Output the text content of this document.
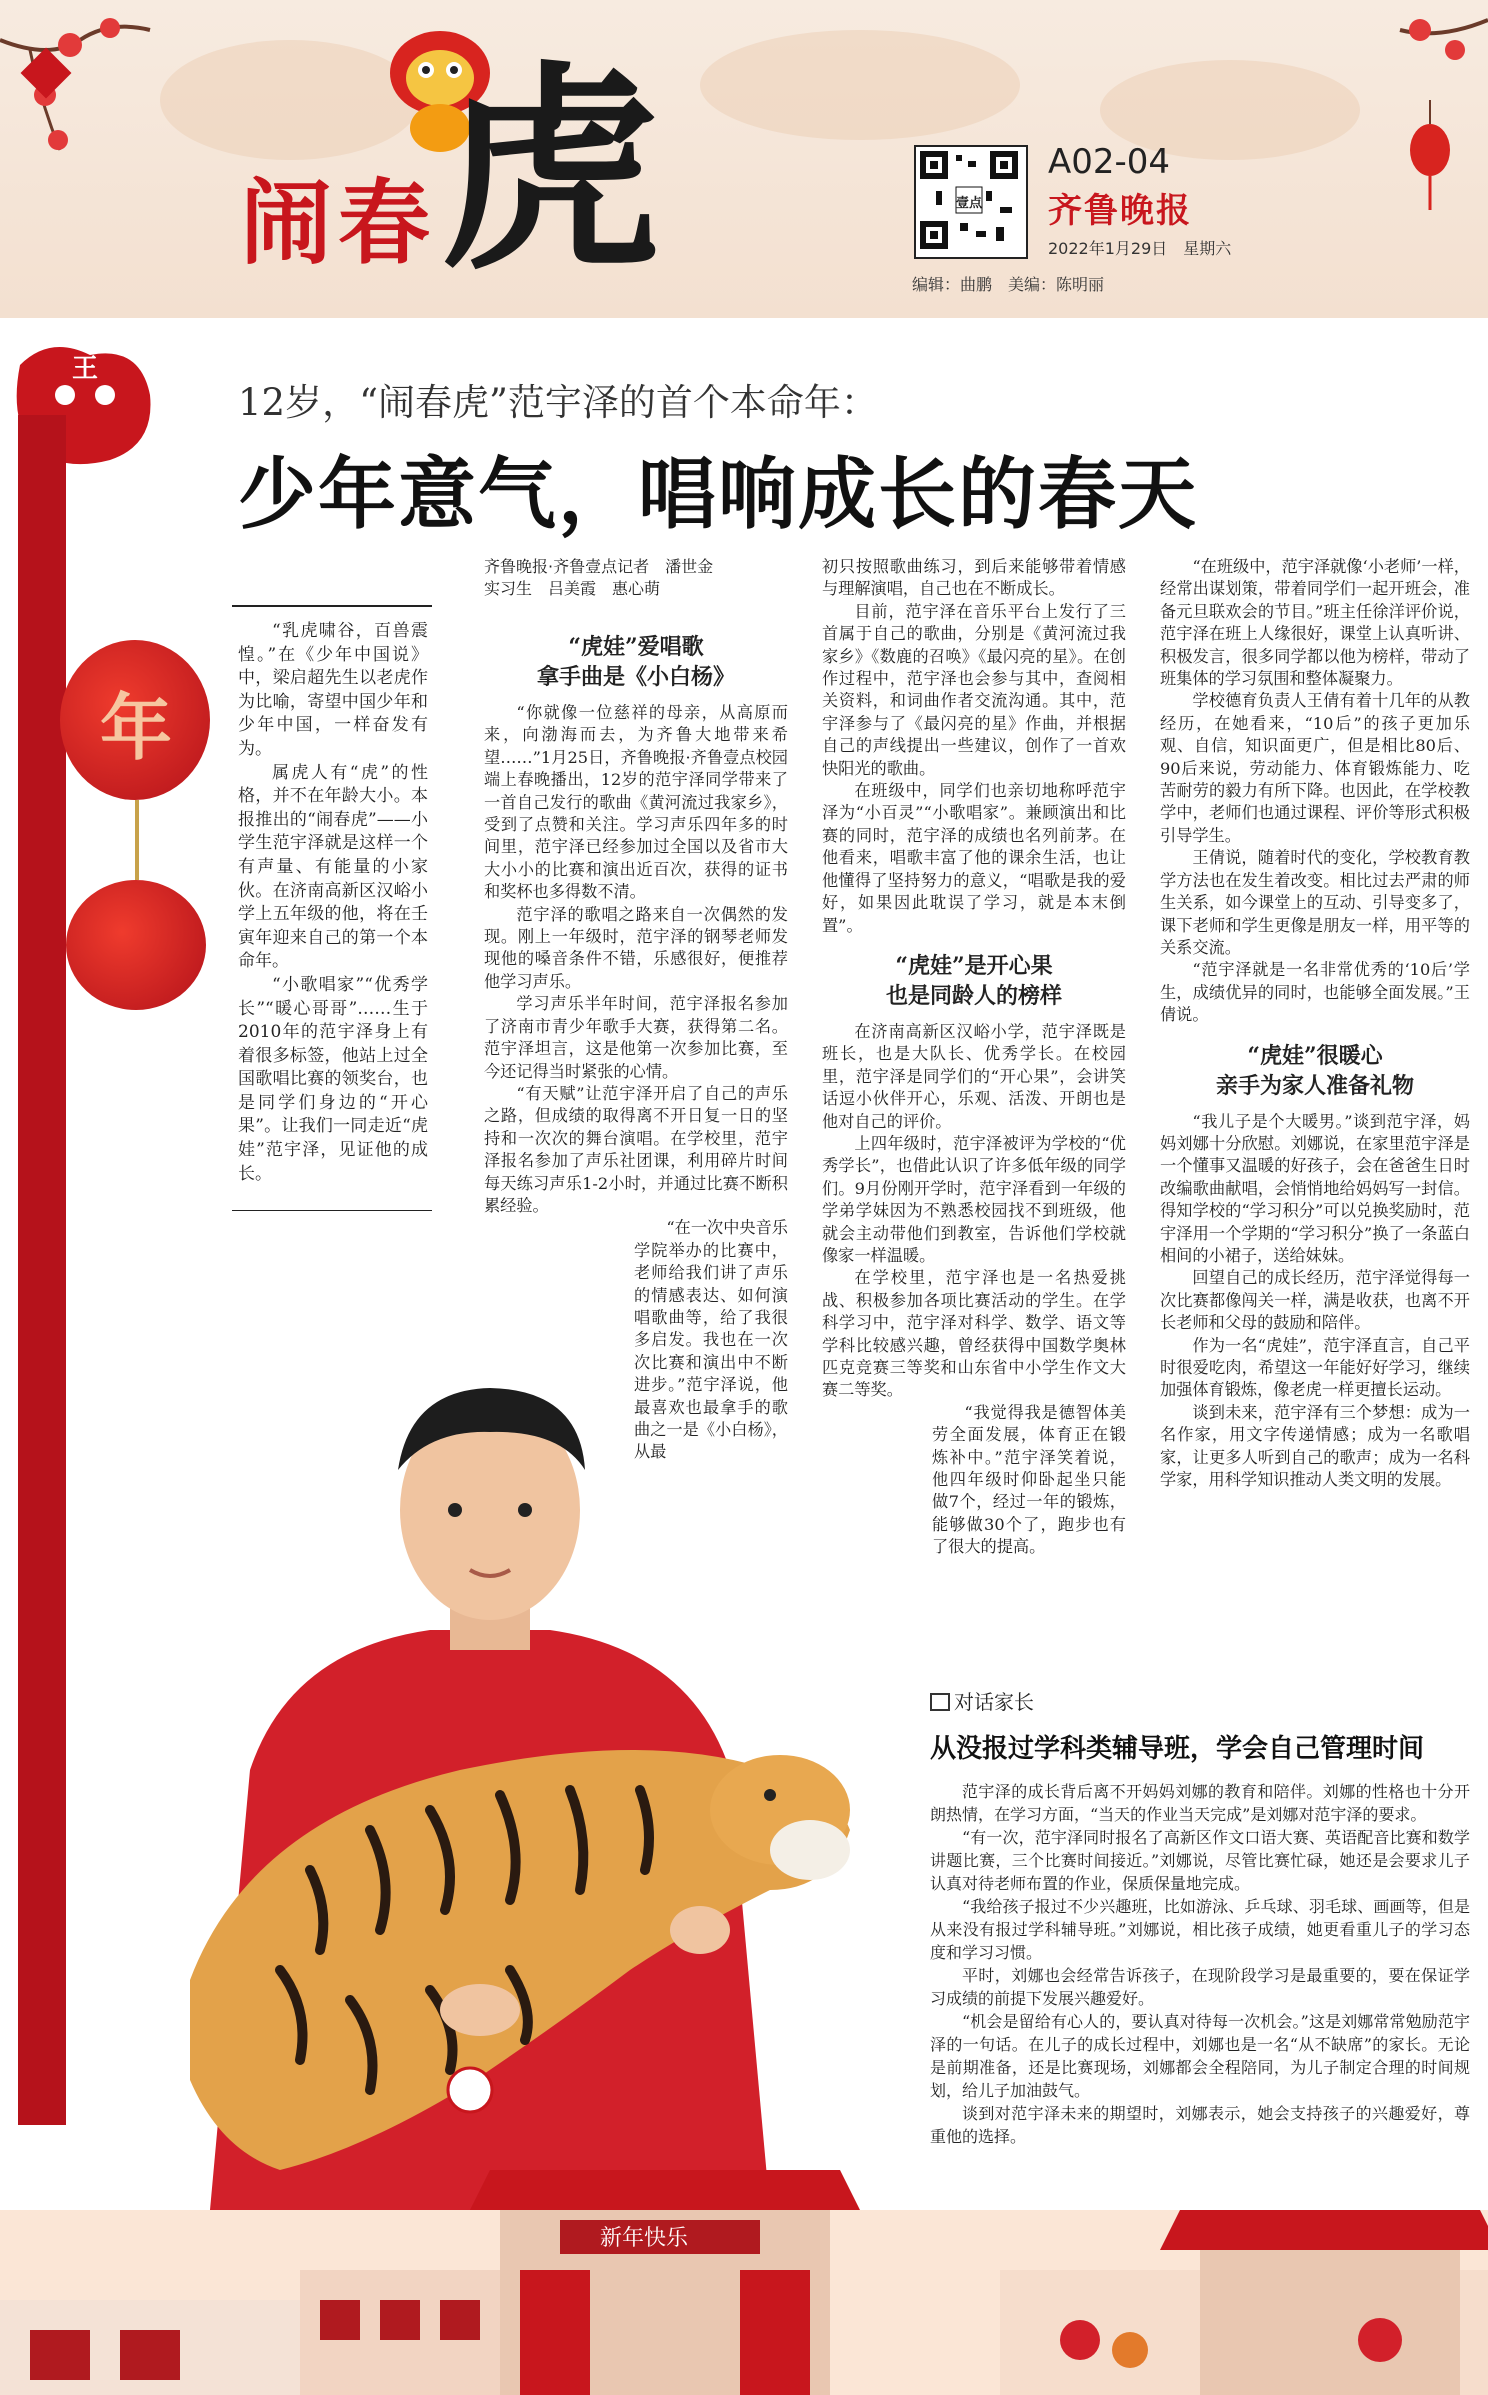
闹春 虎	壹点
A02-04
齐鲁晚报
2022年1月29日　星期六
编辑：曲鹏　美编：陈明丽
王
年
12岁，“闹春虎”范宇泽的首个本命年：
少年意气，唱响成长的春天

“乳虎啸谷，百兽震惶。”在《少年中国说》中，梁启超先生以老虎作为比喻，寄望中国少年和少年中国，一样奋发有为。

属虎人有“虎”的性格，并不在年龄大小。本报推出的“闹春虎”——小学生范宇泽就是这样一个有声量、有能量的小家伙。在济南高新区汉峪小学上五年级的他，将在壬寅年迎来自己的第一个本命年。

“小歌唱家”“优秀学长”“暖心哥哥”……生于2010年的范宇泽身上有着很多标签，他站上过全国歌唱比赛的领奖台，也是同学们身边的“开心果”。让我们一同走近“虎娃”范宇泽，见证他的成长。

齐鲁晚报·齐鲁壹点记者　潘世金
实习生　吕美霞　惠心萌
“虎娃”爱唱歌
拿手曲是《小白杨》

“你就像一位慈祥的母亲，从高原而来，向渤海而去，为齐鲁大地带来希望……”1月25日，齐鲁晚报·齐鲁壹点校园端上春晚播出，12岁的范宇泽同学带来了一首自己发行的歌曲《黄河流过我家乡》，受到了点赞和关注。学习声乐四年多的时间里，范宇泽已经参加过全国以及省市大大小小的比赛和演出近百次，获得的证书和奖杯也多得数不清。

范宇泽的歌唱之路来自一次偶然的发现。刚上一年级时，范宇泽的钢琴老师发现他的嗓音条件不错，乐感很好，便推荐他学习声乐。

学习声乐半年时间，范宇泽报名参加了济南市青少年歌手大赛，获得第二名。范宇泽坦言，这是他第一次参加比赛，至今还记得当时紧张的心情。

“有天赋”让范宇泽开启了自己的声乐之路，但成绩的取得离不开日复一日的坚持和一次次的舞台演唱。在学校里，范宇泽报名参加了声乐社团课，利用碎片时间每天练习声乐1-2小时，并通过比赛不断积累经验。

“在一次中央音乐学院举办的比赛中，老师给我们讲了声乐的情感表达、如何演唱歌曲等，给了我很多启发。我也在一次次比赛和演出中不断进步。”范宇泽说，他最喜欢也最拿手的歌曲之一是《小白杨》，从最

初只按照歌曲练习，到后来能够带着情感与理解演唱，自己也在不断成长。

目前，范宇泽在音乐平台上发行了三首属于自己的歌曲，分别是《黄河流过我家乡》《数鹿的召唤》《最闪亮的星》。在创作过程中，范宇泽也会参与其中，查阅相关资料，和词曲作者交流沟通。其中，范宇泽参与了《最闪亮的星》作曲，并根据自己的声线提出一些建议，创作了一首欢快阳光的歌曲。

在班级中，同学们也亲切地称呼范宇泽为“小百灵”“小歌唱家”。兼顾演出和比赛的同时，范宇泽的成绩也名列前茅。在他看来，唱歌丰富了他的课余生活，也让他懂得了坚持努力的意义，“唱歌是我的爱好，如果因此耽误了学习，就是本末倒置”。

“虎娃”是开心果
也是同龄人的榜样

在济南高新区汉峪小学，范宇泽既是班长，也是大队长、优秀学长。在校园里，范宇泽是同学们的“开心果”，会讲笑话逗小伙伴开心，乐观、活泼、开朗也是他对自己的评价。

上四年级时，范宇泽被评为学校的“优秀学长”，也借此认识了许多低年级的同学们。9月份刚开学时，范宇泽看到一年级的学弟学妹因为不熟悉校园找不到班级，他就会主动带他们到教室，告诉他们学校就像家一样温暖。

在学校里，范宇泽也是一名热爱挑战、积极参加各项比赛活动的学生。在学科学习中，范宇泽对科学、数学、语文等学科比较感兴趣，曾经获得中国数学奥林匹克竞赛三等奖和山东省中小学生作文大赛二等奖。

“我觉得我是德智体美劳全面发展，体育正在锻炼补中。”范宇泽笑着说，他四年级时仰卧起坐只能做7个，经过一年的锻炼，能够做30个了，跑步也有了很大的提高。

“在班级中，范宇泽就像‘小老师’一样，经常出谋划策，带着同学们一起开班会，准备元旦联欢会的节目。”班主任徐洋评价说，范宇泽在班上人缘很好，课堂上认真听讲、积极发言，很多同学都以他为榜样，带动了班集体的学习氛围和整体凝聚力。

学校德育负责人王倩有着十几年的从教经历，在她看来，“10后”的孩子更加乐观、自信，知识面更广，但是相比80后、90后来说，劳动能力、体育锻炼能力、吃苦耐劳的毅力有所下降。也因此，在学校教学中，老师们也通过课程、评价等形式积极引导学生。

王倩说，随着时代的变化，学校教育教学方法也在发生着改变。相比过去严肃的师生关系，如今课堂上的互动、引导变多了，课下老师和学生更像是朋友一样，用平等的关系交流。

“范宇泽就是一名非常优秀的‘10后’学生，成绩优异的同时，也能够全面发展。”王倩说。

“虎娃”很暖心
亲手为家人准备礼物

“我儿子是个大暖男。”谈到范宇泽，妈妈刘娜十分欣慰。刘娜说，在家里范宇泽是一个懂事又温暖的好孩子，会在爸爸生日时改编歌曲献唱，会悄悄地给妈妈写一封信。得知学校的“学习积分”可以兑换奖励时，范宇泽用一个学期的“学习积分”换了一条蓝白相间的小裙子，送给妹妹。

回望自己的成长经历，范宇泽觉得每一次比赛都像闯关一样，满是收获，也离不开长老师和父母的鼓励和陪伴。

作为一名“虎娃”，范宇泽直言，自己平时很爱吃肉，希望这一年能好好学习，继续加强体育锻炼，像老虎一样更擅长运动。

谈到未来，范宇泽有三个梦想：成为一名作家，用文字传递情感；成为一名歌唱家，让更多人听到自己的歌声；成为一名科学家，用科学知识推动人类文明的发展。

对话家长
从没报过学科类辅导班，学会自己管理时间

范宇泽的成长背后离不开妈妈刘娜的教育和陪伴。刘娜的性格也十分开朗热情，在学习方面，“当天的作业当天完成”是刘娜对范宇泽的要求。

“有一次，范宇泽同时报名了高新区作文口语大赛、英语配音比赛和数学讲题比赛，三个比赛时间接近。”刘娜说，尽管比赛忙碌，她还是会要求儿子认真对待老师布置的作业，保质保量地完成。

“我给孩子报过不少兴趣班，比如游泳、乒乓球、羽毛球、画画等，但是从来没有报过学科辅导班。”刘娜说，相比孩子成绩，她更看重儿子的学习态度和学习习惯。

平时，刘娜也会经常告诉孩子，在现阶段学习是最重要的，要在保证学习成绩的前提下发展兴趣爱好。

“机会是留给有心人的，要认真对待每一次机会。”这是刘娜常常勉励范宇泽的一句话。在儿子的成长过程中，刘娜也是一名“从不缺席”的家长。无论是前期准备，还是比赛现场，刘娜都会全程陪同，为儿子制定合理的时间规划，给儿子加油鼓气。

谈到对范宇泽未来的期望时，刘娜表示，她会支持孩子的兴趣爱好，尊重他的选择。

新年快乐
